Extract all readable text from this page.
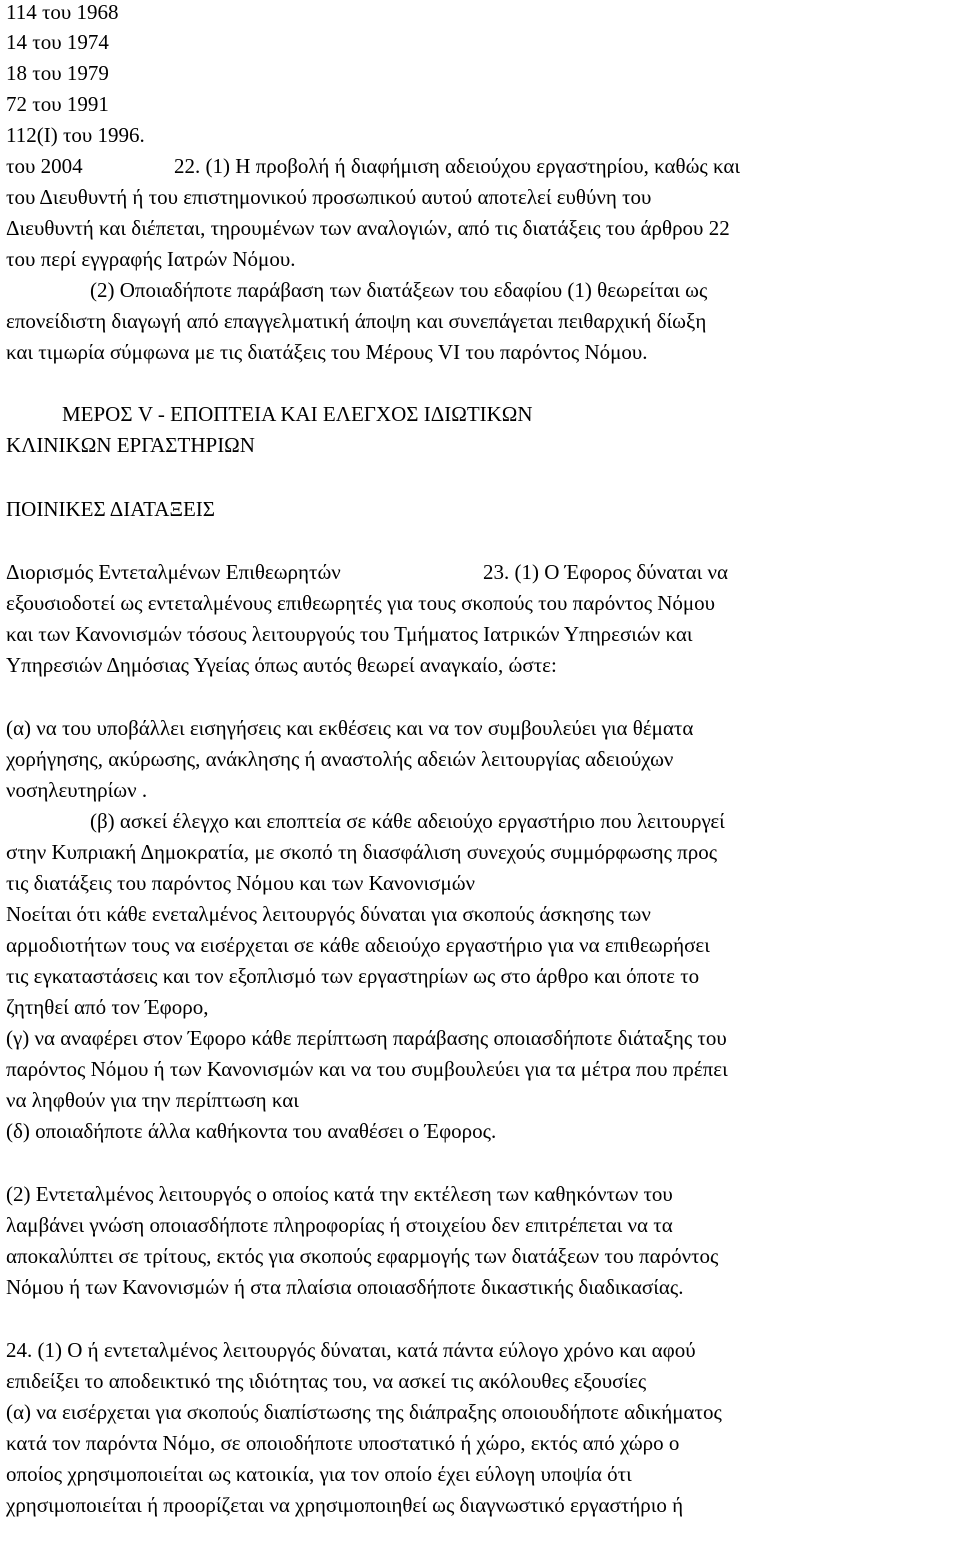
114 του 1968
14 του 1974
18 του 1979
72 του 1991
112(Ι) του 1996.
του 2004	22. (1) Η προβολή ή διαφήμιση αδειούχου εργαστηρίου, καθώς και
του Διευθυντή ή του επιστημονικού προσωπικού αυτού αποτελεί ευθύνη του
Διευθυντή και διέπεται, τηρουμένων των αναλογιών, από τις διατάξεις του άρθρου 22
του περί εγγραφής Ιατρών Νόμου.
(2) Οποιαδήποτε παράβαση των διατάξεων του εδαφίου (1) θεωρείται ως
επονείδιστη διαγωγή από επαγγελματική άποψη και συνεπάγεται πειθαρχική δίωξη
και τιμωρία σύμφωνα με τις διατάξεις του Μέρους VI του παρόντος Νόμου.
ΜΕΡΟΣ V - ΕΠΟΠΤΕΙΑ ΚΑΙ ΕΛΕΓΧΟΣ ΙΔΙΩΤΙΚΩΝ
ΚΛΙΝΙΚΩΝ ΕΡΓΑΣΤΗΡΙΩΝ
ΠΟΙΝΙΚΕΣ ΔΙΑΤΑΞΕΙΣ
Διορισμός Εντεταλμένων Επιθεωρητών	23. (1) Ο Έφορος δύναται να
εξουσιοδοτεί ως εντεταλμένους επιθεωρητές για τους σκοπούς του παρόντος Νόμου
και των Κανονισμών τόσους λειτουργούς του Τμήματος Ιατρικών Υπηρεσιών και
Υπηρεσιών Δημόσιας Υγείας όπως αυτός θεωρεί αναγκαίο, ώστε:
(α) να του υποβάλλει εισηγήσεις και εκθέσεις και να τον συμβουλεύει για θέματα
χορήγησης, ακύρωσης, ανάκλησης ή αναστολής αδειών λειτουργίας αδειούχων
νοσηλευτηρίων .
(β) ασκεί έλεγχο και εποπτεία σε κάθε αδειούχο εργαστήριο που λειτουργεί
στην Κυπριακή Δημοκρατία, με σκοπό τη διασφάλιση συνεχούς συμμόρφωσης προς
τις διατάξεις του παρόντος Νόμου και των Κανονισμών
Νοείται ότι κάθε ενεταλμένος λειτουργός δύναται για σκοπούς άσκησης των
αρμοδιοτήτων τους να εισέρχεται σε κάθε αδειούχο εργαστήριο για να επιθεωρήσει
τις εγκαταστάσεις και τον εξοπλισμό των εργαστηρίων ως στο άρθρο και όποτε το
ζητηθεί από τον Έφορο,
(γ) να αναφέρει στον Έφορο κάθε περίπτωση παράβασης οποιασδήποτε διάταξης του
παρόντος Νόμου ή των Κανονισμών και να του συμβουλεύει για τα μέτρα που πρέπει
να ληφθούν για την περίπτωση και
(δ) οποιαδήποτε άλλα καθήκοντα του αναθέσει ο Έφορος.
(2) Εντεταλμένος λειτουργός ο οποίος κατά την εκτέλεση των καθηκόντων του
λαμβάνει γνώση οποιασδήποτε πληροφορίας ή στοιχείου δεν επιτρέπεται να τα
αποκαλύπτει σε τρίτους, εκτός για σκοπούς εφαρμογής των διατάξεων του παρόντος
Νόμου ή των Κανονισμών ή στα πλαίσια οποιασδήποτε δικαστικής διαδικασίας.
24. (1) Ο ή εντεταλμένος λειτουργός δύναται, κατά πάντα εύλογο χρόνο και αφού
επιδείξει το αποδεικτικό της ιδιότητας του, να ασκεί τις ακόλουθες εξουσίες
(α) να εισέρχεται για σκοπούς διαπίστωσης της διάπραξης οποιουδήποτε αδικήματος
κατά τον παρόντα Νόμο, σε οποιοδήποτε υποστατικό ή χώρο, εκτός από χώρο ο
οποίος χρησιμοποιείται ως κατοικία, για τον οποίο έχει εύλογη υποψία ότι
χρησιμοποιείται ή προορίζεται να χρησιμοποιηθεί ως διαγνωστικό εργαστήριο ή
